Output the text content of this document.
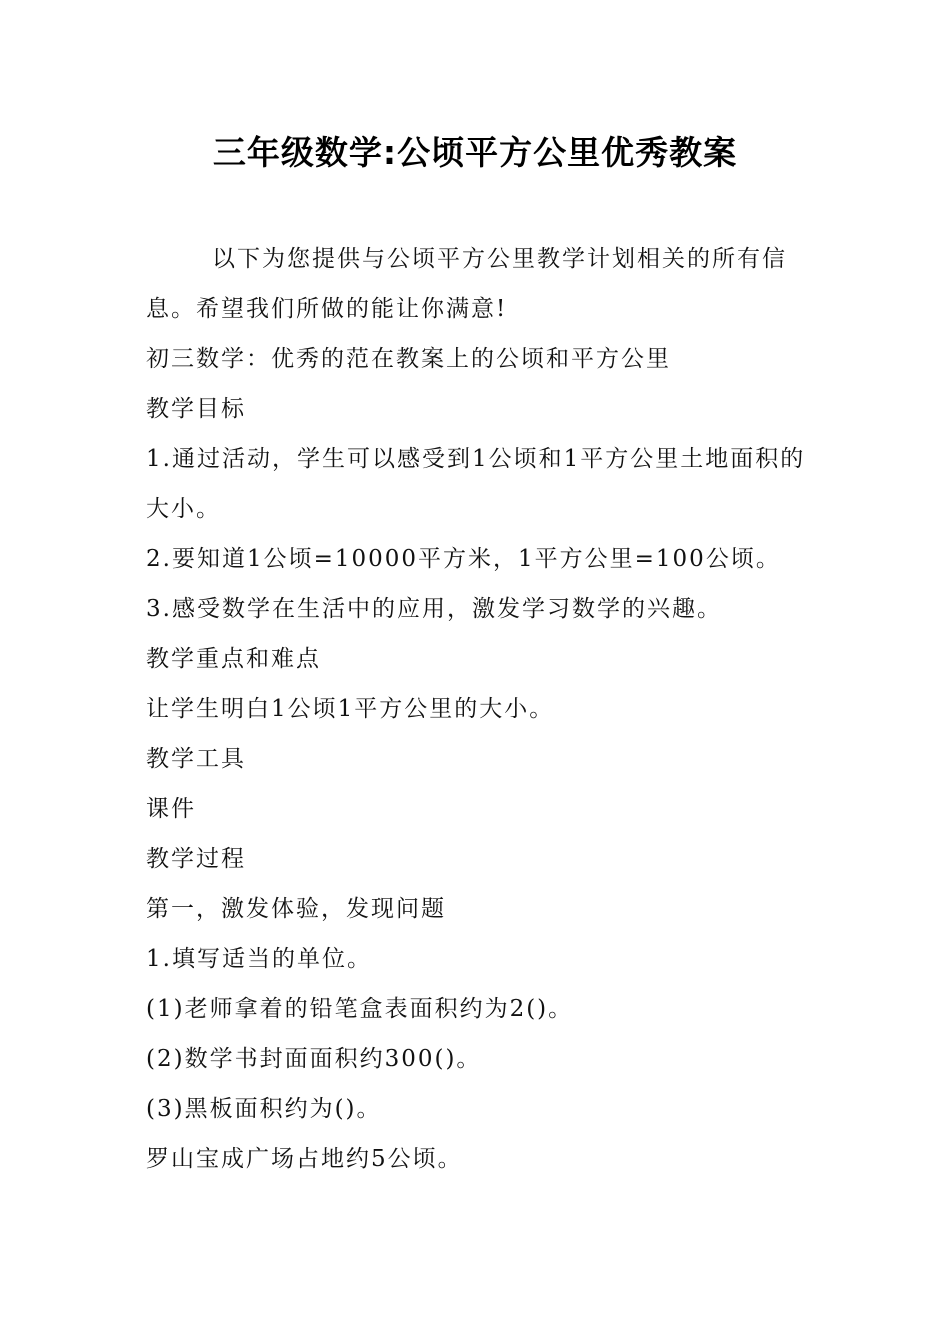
三年级数学:公顷平方公里优秀教案

以下为您提供与公顷平方公里教学计划相关的所有信息。希望我们所做的能让你满意!

初三数学：优秀的范在教案上的公顷和平方公里

教学目标

1.通过活动，学生可以感受到1公顷和1平方公里土地面积的大小。

2.要知道1公顷=10000平方米，1平方公里=100公顷。

3.感受数学在生活中的应用，激发学习数学的兴趣。

教学重点和难点

让学生明白1公顷1平方公里的大小。

教学工具

课件

教学过程

第一，激发体验，发现问题

1.填写适当的单位。

(1)老师拿着的铅笔盒表面积约为2()。

(2)数学书封面面积约300()。

(3)黑板面积约为()。

罗山宝成广场占地约5公顷。
